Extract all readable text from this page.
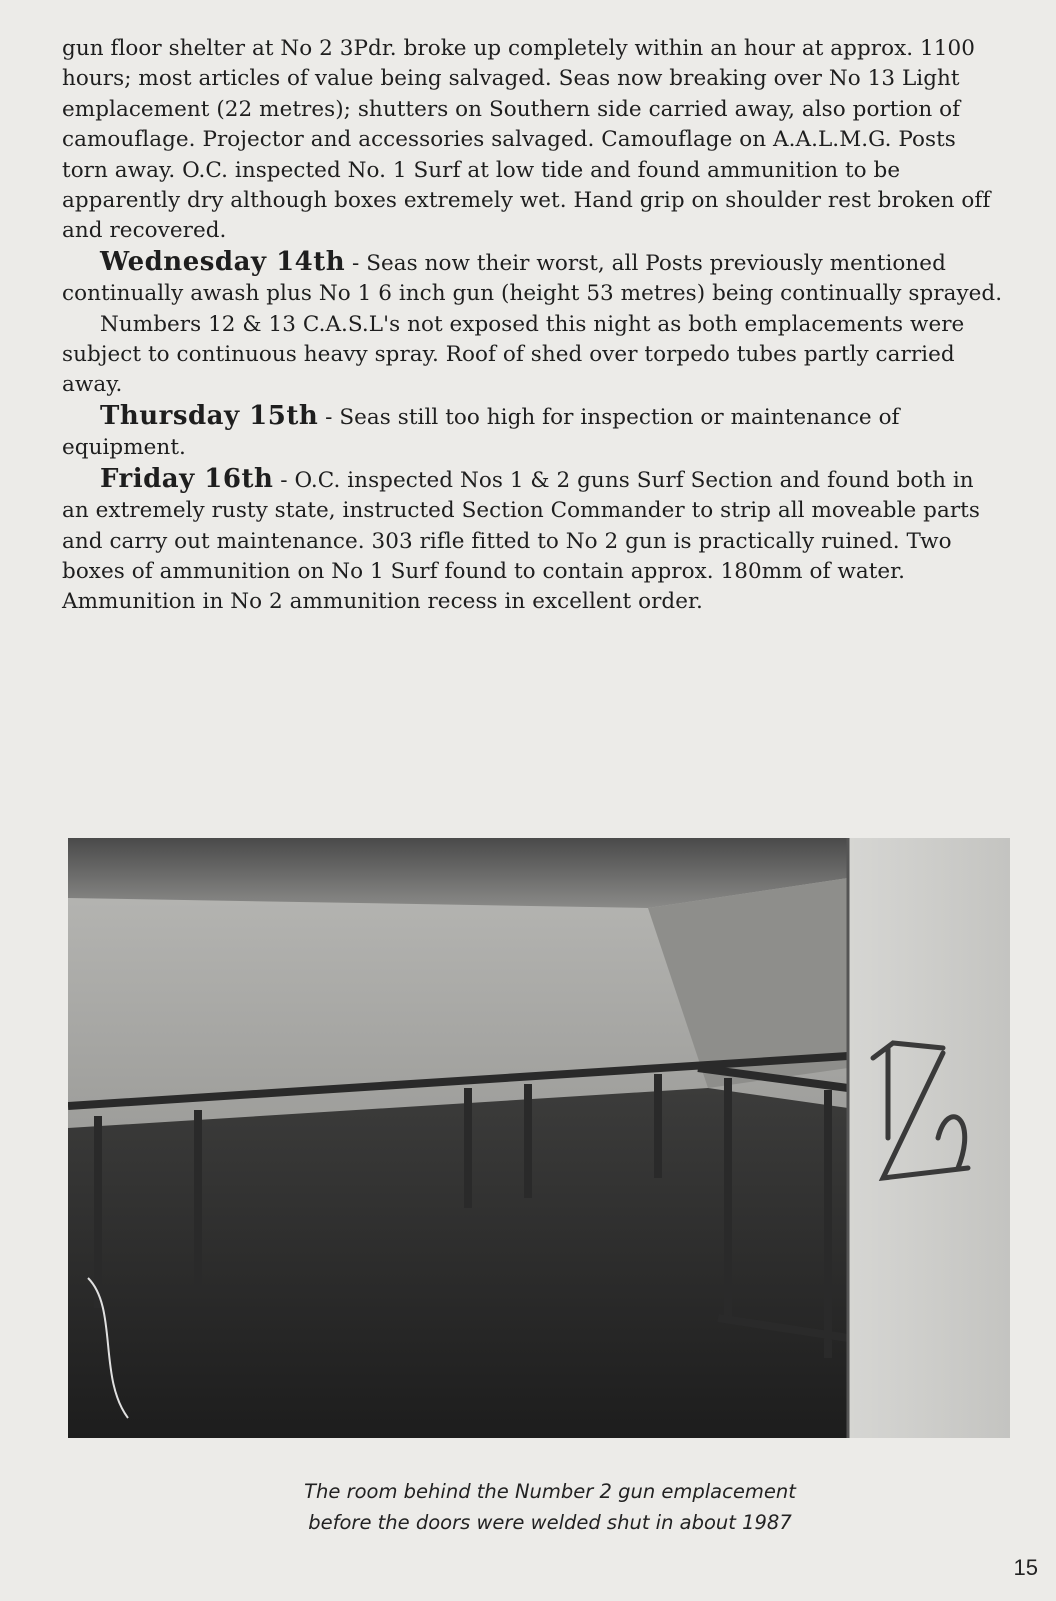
gun floor shelter at No 2 3Pdr. broke up completely within an hour at approx. 1100 hours; most articles of value being salvaged. Seas now breaking over No 13 Light emplacement (22 metres); shutters on Southern side carried away, also portion of camouflage. Projector and accessories salvaged. Camouflage on A.A.L.M.G. Posts torn away. O.C. inspected No. 1 Surf at low tide and found ammunition to be apparently dry although boxes extremely wet. Hand grip on shoulder rest broken off and recovered.

Wednesday 14th - Seas now their worst, all Posts previously mentioned continually awash plus No 1 6 inch gun (height 53 metres) being continually sprayed.

Numbers 12 & 13 C.A.S.L's not exposed this night as both emplacements were subject to continuous heavy spray. Roof of shed over torpedo tubes partly carried away.

Thursday 15th - Seas still too high for inspection or maintenance of equipment.

Friday 16th - O.C. inspected Nos 1 & 2 guns Surf Section and found both in an extremely rusty state, instructed Section Commander to strip all moveable parts and carry out maintenance. 303 rifle fitted to No 2 gun is practically ruined. Two boxes of ammunition on No 1 Surf found to contain approx. 180mm of water. Ammunition in No 2 ammunition recess in excellent order.

The room behind the Number 2 gun emplacement
before the doors were welded shut in about 1987
15
